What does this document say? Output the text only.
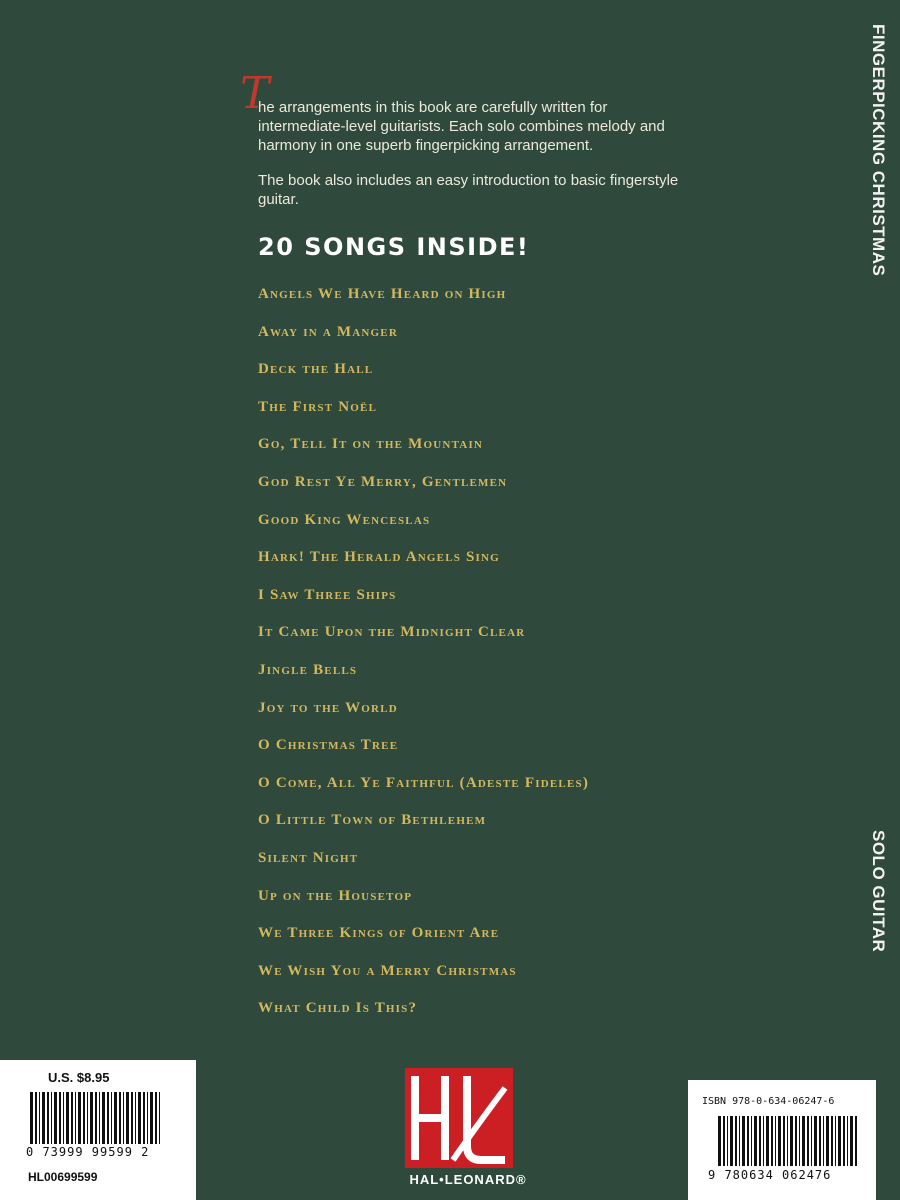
FINGERPICKING CHRISTMAS
SOLO GUITAR
T

he arrangements in this book are carefully written for intermediate-level guitarists. Each solo combines melody and harmony in one superb fingerpicking arrangement.

The book also includes an easy introduction to basic fingerstyle guitar.

20 SONGS INSIDE!
Angels We Have Heard on High
Away in a Manger
Deck the Hall
The First Noël
Go, Tell It on the Mountain
God Rest Ye Merry, Gentlemen
Good King Wenceslas
Hark! The Herald Angels Sing
I Saw Three Ships
It Came Upon the Midnight Clear
Jingle Bells
Joy to the World
O Christmas Tree
O Come, All Ye Faithful (Adeste Fideles)
O Little Town of Bethlehem
Silent Night
Up on the Housetop
We Three Kings of Orient Are
We Wish You a Merry Christmas
What Child Is This?
U.S. $8.95
0 73999 99599 2
HL00699599	HAL•LEONARD®
ISBN 978-0-634-06247-6
9 780634 062476
